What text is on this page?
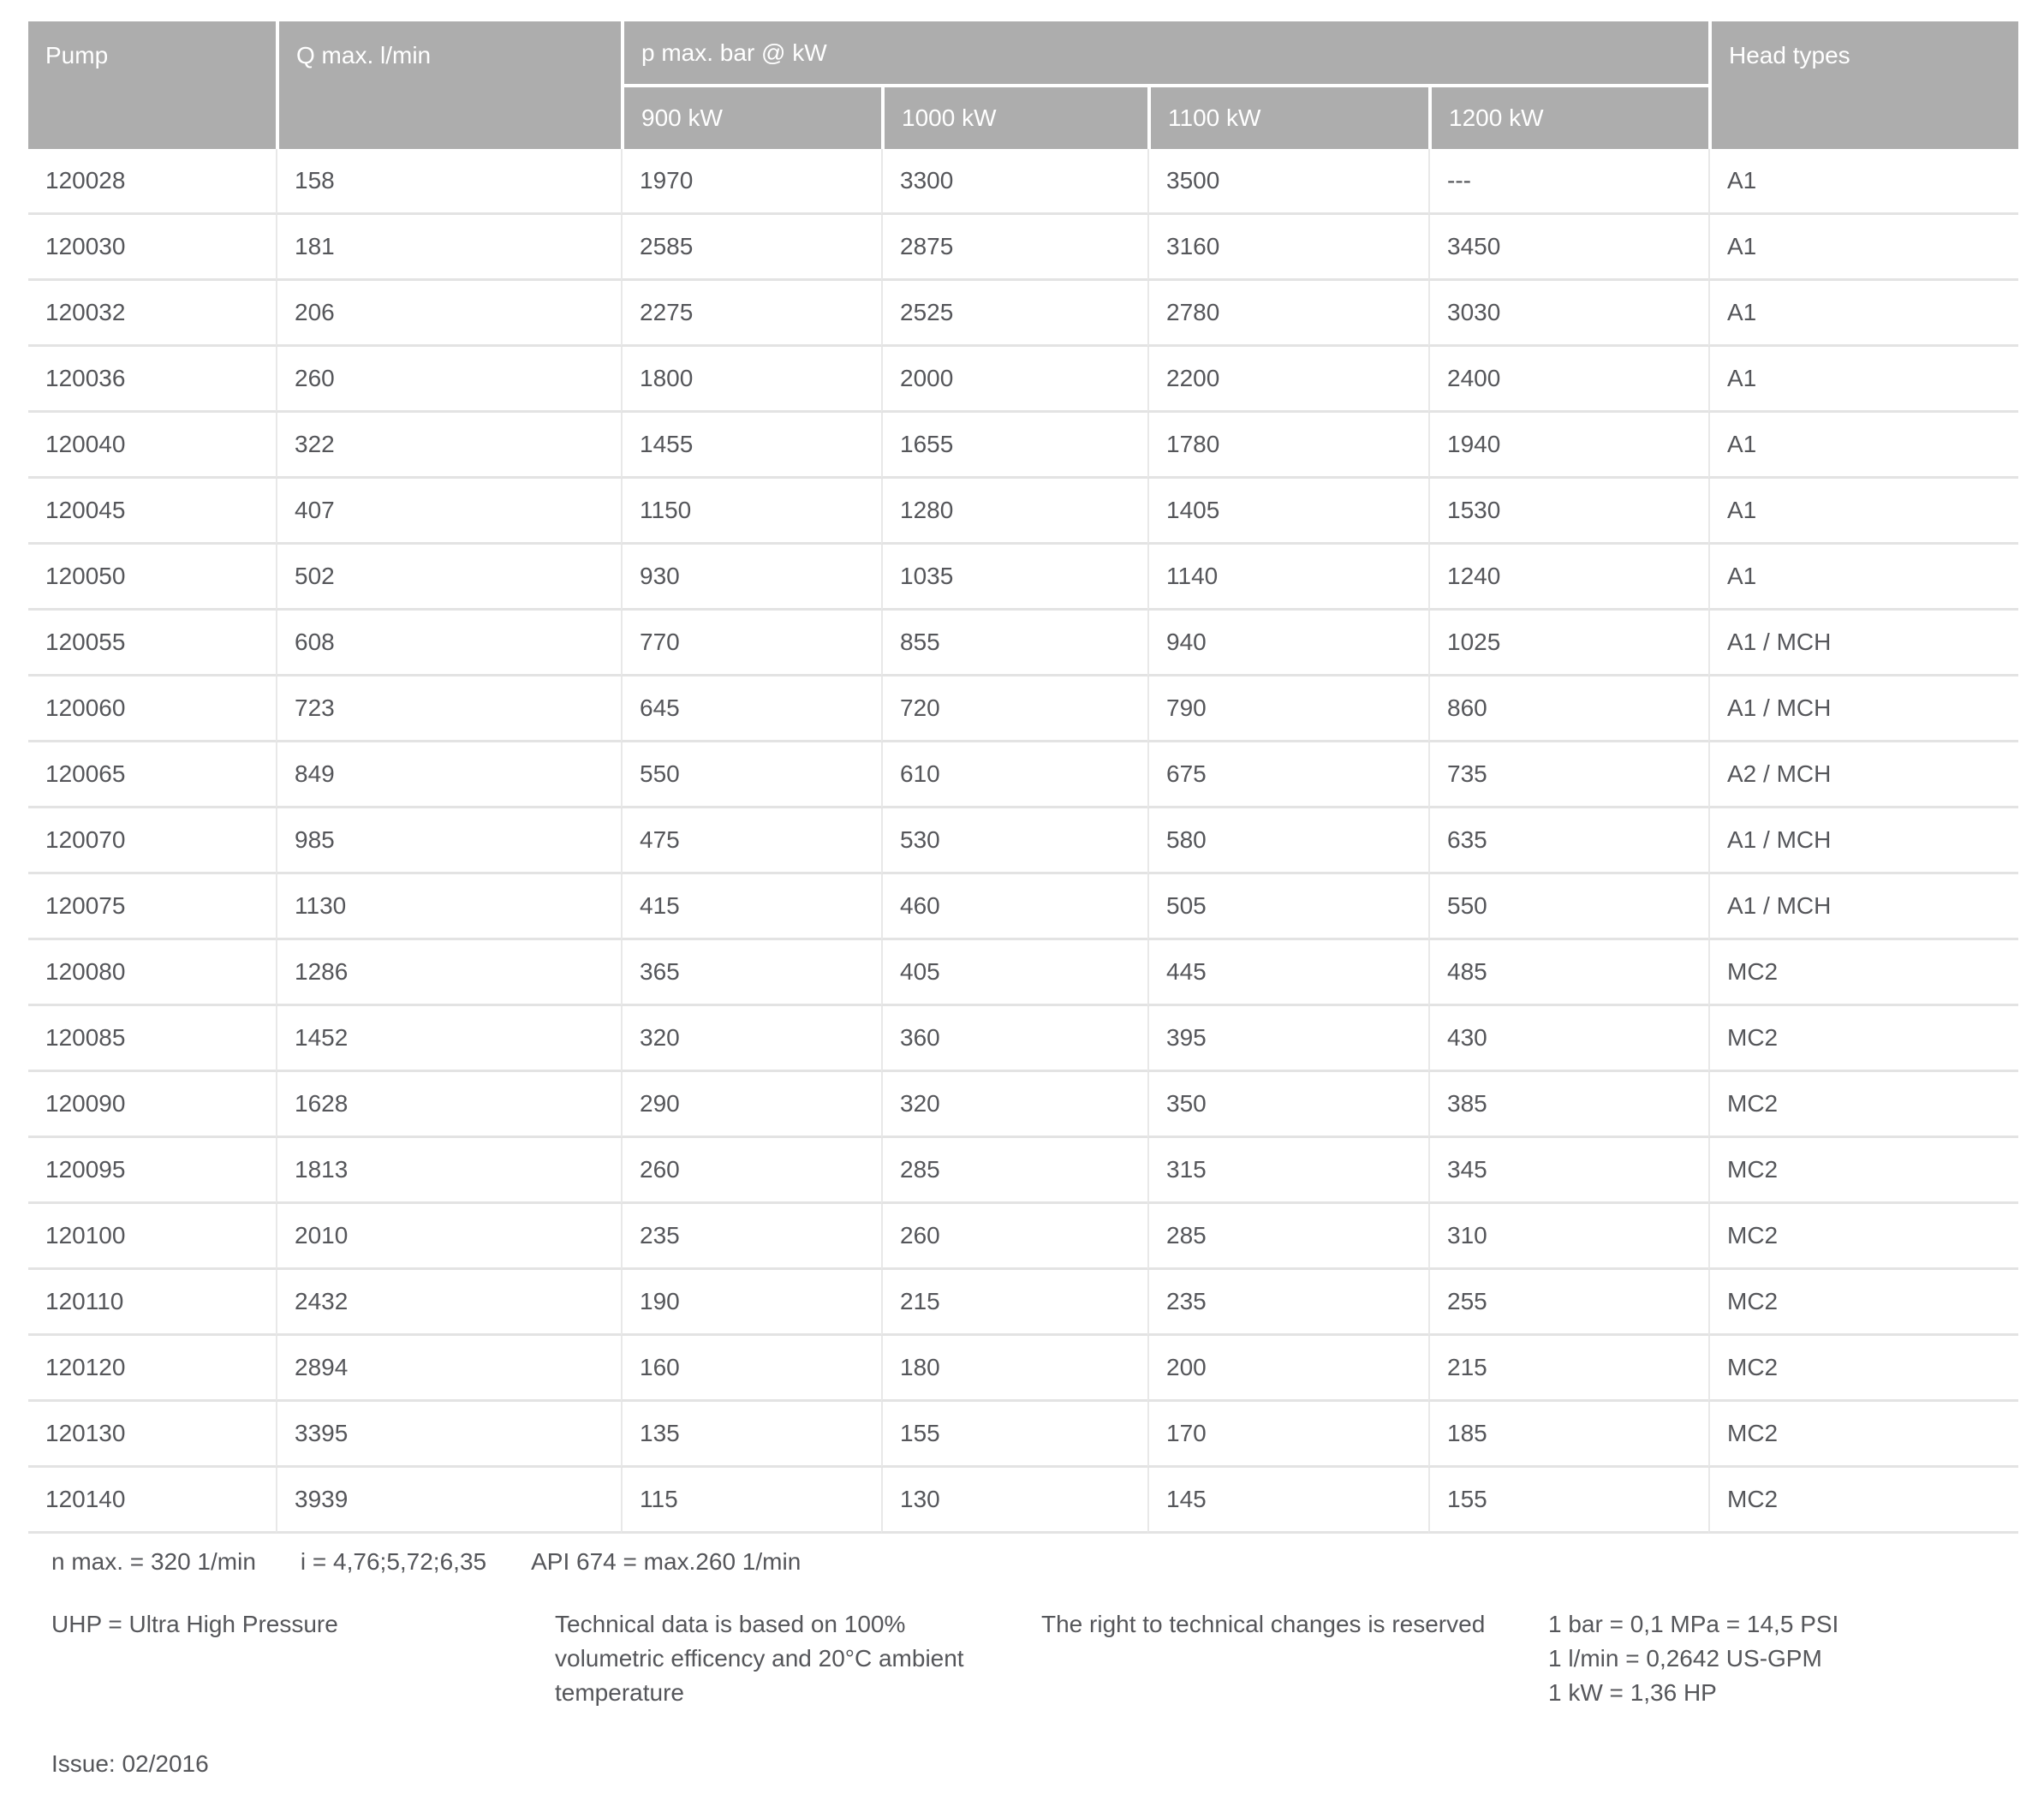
Pump	Q max. l/min	p max. bar @ kW				Head types
		900 kW	1000 kW	1100 kW	1200 kW	
120028	158	1970	3300	3500	---	A1
120030	181	2585	2875	3160	3450	A1
120032	206	2275	2525	2780	3030	A1
120036	260	1800	2000	2200	2400	A1
120040	322	1455	1655	1780	1940	A1
120045	407	1150	1280	1405	1530	A1
120050	502	930	1035	1140	1240	A1
120055	608	770	855	940	1025	A1 / MCH
120060	723	645	720	790	860	A1 / MCH
120065	849	550	610	675	735	A2 / MCH
120070	985	475	530	580	635	A1 / MCH
120075	1130	415	460	505	550	A1 / MCH
120080	1286	365	405	445	485	MC2
120085	1452	320	360	395	430	MC2
120090	1628	290	320	350	385	MC2
120095	1813	260	285	315	345	MC2
120100	2010	235	260	285	310	MC2
120110	2432	190	215	235	255	MC2
120120	2894	160	180	200	215	MC2
120130	3395	135	155	170	185	MC2
120140	3939	115	130	145	155	MC2
n max. = 320 1/min i = 4,76;5,72;6,35 API 674 = max.260 1/min
UHP = Ultra High Pressure	Technical data is based on 100% volumetric efficency and 20°C ambient temperature
The right to technical changes is reserved	1 bar = 0,1 MPa = 14,5 PSI
1 l/min = 0,2642 US-GPM
1 kW = 1,36 HP
Issue: 02/2016
